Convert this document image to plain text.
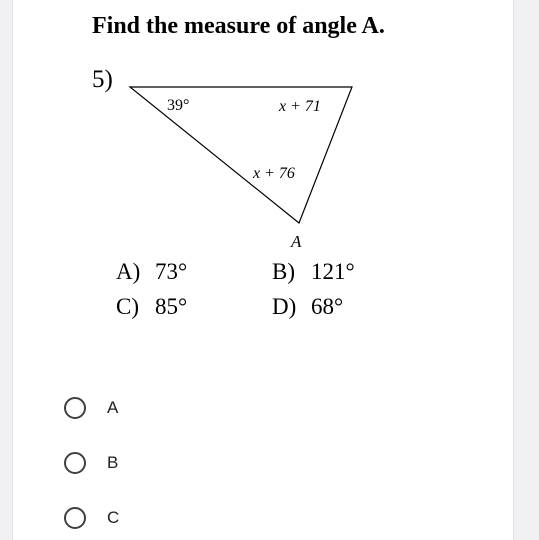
Find the measure of angle A.
5)
39°	x + 71
x + 76
A
A) 73°	B) 121°
C) 85°	D) 68°
A
B
C
